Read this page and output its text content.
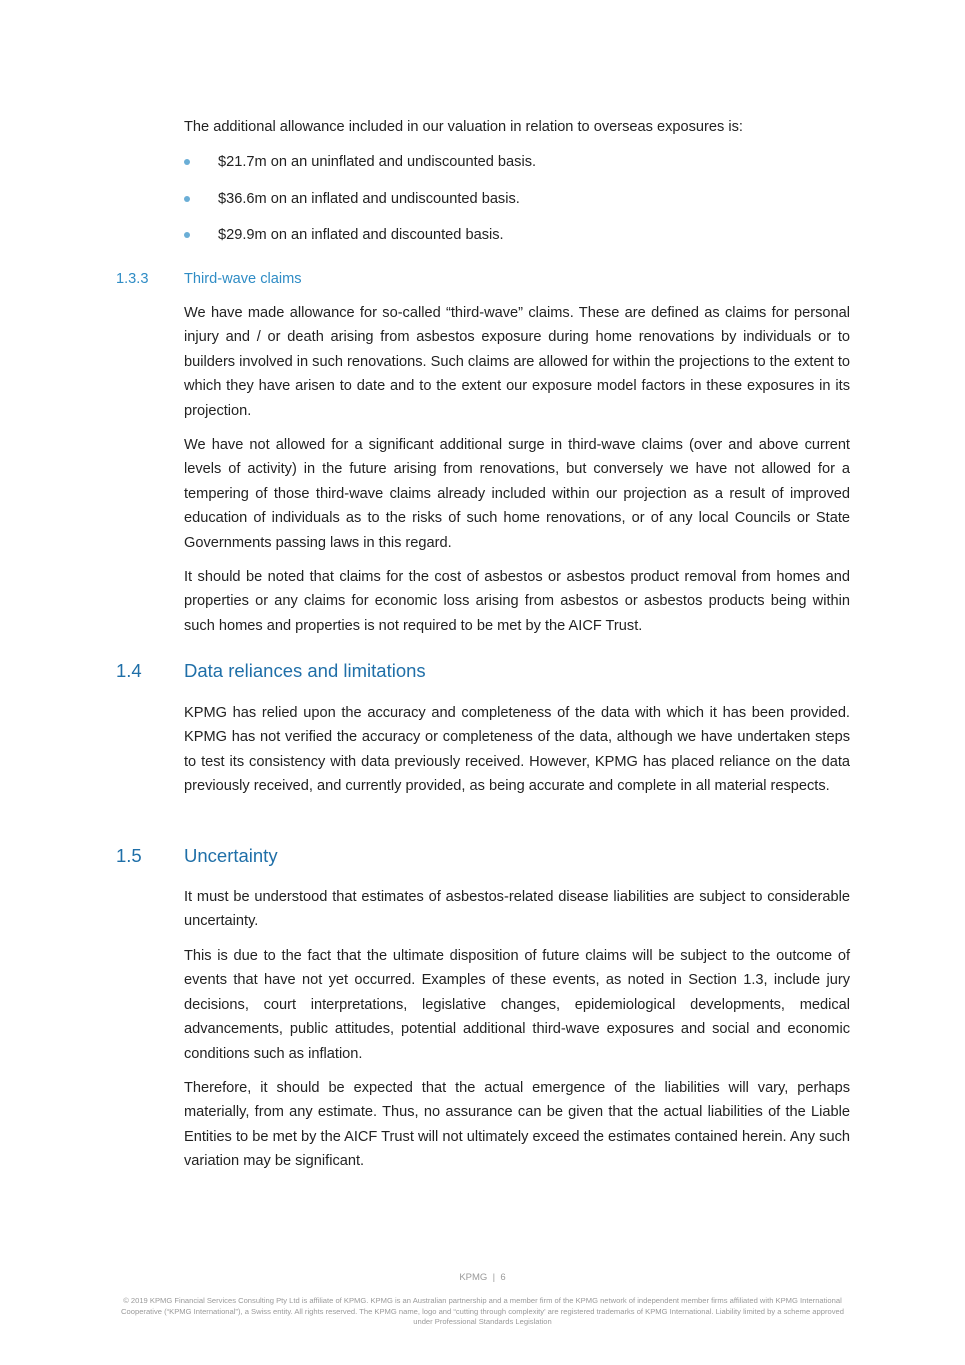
The additional allowance included in our valuation in relation to overseas exposures is:

$21.7m on an uninflated and undiscounted basis.
$36.6m on an inflated and undiscounted basis.
$29.9m on an inflated and discounted basis.
1.3.3 Third-wave claims

We have made allowance for so-called “third-wave” claims. These are defined as claims for personal injury and / or death arising from asbestos exposure during home renovations by individuals or to builders involved in such renovations. Such claims are allowed for within the projections to the extent to which they have arisen to date and to the extent our exposure model factors in these exposures in its projection.

We have not allowed for a significant additional surge in third-wave claims (over and above current levels of activity) in the future arising from renovations, but conversely we have not allowed for a tempering of those third-wave claims already included within our projection as a result of improved education of individuals as to the risks of such home renovations, or of any local Councils or State Governments passing laws in this regard.

It should be noted that claims for the cost of asbestos or asbestos product removal from homes and properties or any claims for economic loss arising from asbestos or asbestos products being within such homes and properties is not required to be met by the AICF Trust.

1.4 Data reliances and limitations

KPMG has relied upon the accuracy and completeness of the data with which it has been provided. KPMG has not verified the accuracy or completeness of the data, although we have undertaken steps to test its consistency with data previously received. However, KPMG has placed reliance on the data previously received, and currently provided, as being accurate and complete in all material respects.

1.5 Uncertainty

It must be understood that estimates of asbestos-related disease liabilities are subject to considerable uncertainty.

This is due to the fact that the ultimate disposition of future claims will be subject to the outcome of events that have not yet occurred. Examples of these events, as noted in Section 1.3, include jury decisions, court interpretations, legislative changes, epidemiological developments, medical advancements, public attitudes, potential additional third-wave exposures and social and economic conditions such as inflation.

Therefore, it should be expected that the actual emergence of the liabilities will vary, perhaps materially, from any estimate. Thus, no assurance can be given that the actual liabilities of the Liable Entities to be met by the AICF Trust will not ultimately exceed the estimates contained herein. Any such variation may be significant.

KPMG  |  6
© 2019 KPMG Financial Services Consulting Pty Ltd is affiliate of KPMG. KPMG is an Australian partnership and a member firm of the KPMG network of independent member firms affiliated with KPMG International Cooperative (“KPMG International”), a Swiss entity. All rights reserved. The KPMG name, logo and “cutting through complexity' are registered trademarks of KPMG International. Liability limited by a scheme approved under Professional Standards Legislation
